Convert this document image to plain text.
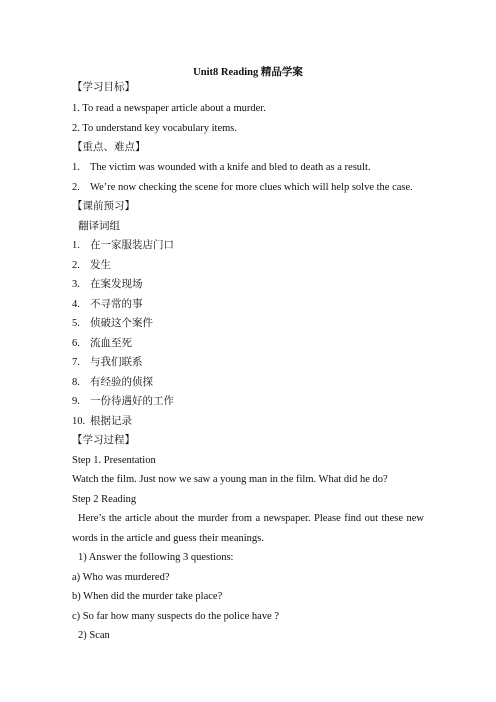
Unit8 Reading 精品学案
【学习目标】
1. To read a newspaper article about a murder.
2. To understand key vocabulary items.
【重点、难点】
1. The victim was wounded with a knife and bled to death as a result.
2. We’re now checking the scene for more clues which will help solve the case.
【课前预习】
翻译词组
1. 在一家服装店门口
2. 发生
3. 在案发现场
4. 不寻常的事
5. 侦破这个案件
6. 流血至死
7. 与我们联系
8. 有经验的侦探
9. 一份待遇好的工作
10. 根据记录
【学习过程】
Step 1. Presentation
Watch the film. Just now we saw a young man in the film. What did he do?
Step 2 Reading
Here’s the article about the murder from a newspaper. Please find out these new words in the article and guess their meanings.
1) Answer the following 3 questions:
a) Who was murdered?
b) When did the murder take place?
c) So far how many suspects do the police have ?
2) Scan
